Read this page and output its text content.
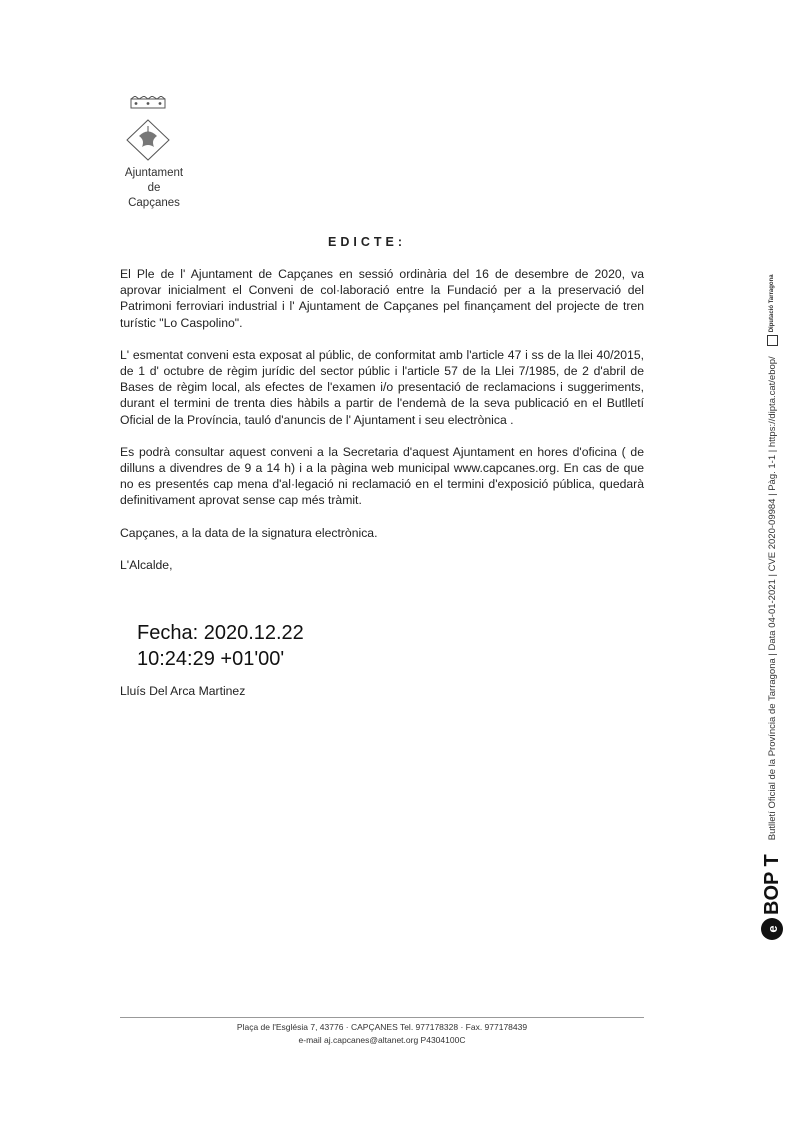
Ajuntament
de
Capçanes
EDICTE:

El Ple de l' Ajuntament de Capçanes en sessió ordinària del 16 de desembre de 2020, va aprovar inicialment el Conveni de col·laboració entre la Fundació per a la preservació del Patrimoni ferroviari industrial i l' Ajuntament de Capçanes pel finançament del projecte de tren turístic "Lo Caspolino".

L' esmentat conveni esta exposat al públic, de conformitat amb l'article 47 i ss de la llei 40/2015, de 1 d' octubre de règim jurídic del sector públic i l'article 57 de la Llei 7/1985, de 2 d'abril de Bases de règim local, als efectes de l'examen i/o presentació de reclamacions i suggeriments, durant el termini de trenta dies hàbils a partir de l'endemà de la seva publicació en el Butlletí Oficial de la Província, tauló d'anuncis de l' Ajuntament i seu electrònica .

Es podrà consultar aquest conveni a la Secretaria d'aquest Ajuntament en hores d'oficina ( de dilluns a divendres de 9 a 14 h) i a la pàgina web municipal www.capcanes.org. En cas de que no es presentés cap mena d'al·legació ni reclamació en el termini d'exposició pública, quedarà definitivament aprovat sense cap més tràmit.

Capçanes, a la data de la signatura electrònica.

L'Alcalde,

Fecha: 2020.12.22
10:24:29 +01'00'
Lluís Del Arca Martinez
Plaça de l'Església 7, 43776 · CAPÇANES Tel. 977178328 · Fax. 977178439
e-mail aj.capcanes@altanet.org P4304100C
e
BOP T
Butlletí Oficial de la Província de Tarragona | Data 04-01-2021 | CVE 2020-09984 | Pàg. 1-1 | https://dipta.cat/ebop/
Diputació Tarragona
